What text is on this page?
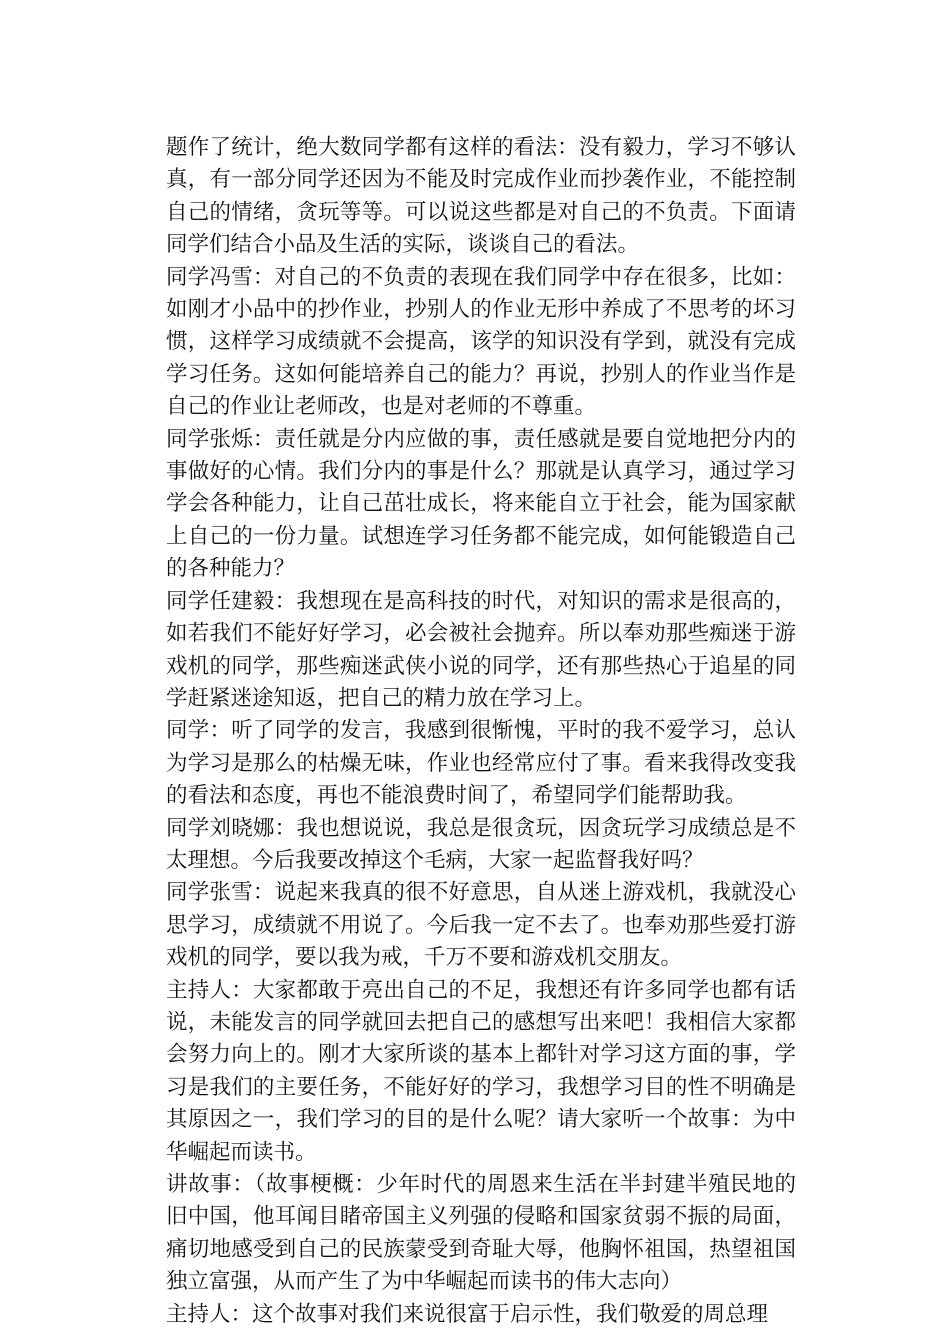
题作了统计，绝大数同学都有这样的看法：没有毅力，学习不够认真，有一部分同学还因为不能及时完成作业而抄袭作业，不能控制自己的情绪，贪玩等等。可以说这些都是对自己的不负责。下面请同学们结合小品及生活的实际，谈谈自己的看法。

同学冯雪：对自己的不负责的表现在我们同学中存在很多，比如：如刚才小品中的抄作业，抄别人的作业无形中养成了不思考的坏习惯，这样学习成绩就不会提高，该学的知识没有学到，就没有完成学习任务。这如何能培养自己的能力？再说，抄别人的作业当作是自己的作业让老师改，也是对老师的不尊重。

同学张烁：责任就是分内应做的事，责任感就是要自觉地把分内的事做好的心情。我们分内的事是什么？那就是认真学习，通过学习学会各种能力，让自己茁壮成长，将来能自立于社会，能为国家献上自己的一份力量。试想连学习任务都不能完成，如何能锻造自己的各种能力？

同学任建毅：我想现在是高科技的时代，对知识的需求是很高的，如若我们不能好好学习，必会被社会抛弃。所以奉劝那些痴迷于游戏机的同学，那些痴迷武侠小说的同学，还有那些热心于追星的同学赶紧迷途知返，把自己的精力放在学习上。

同学：听了同学的发言，我感到很惭愧，平时的我不爱学习，总认为学习是那么的枯燥无味，作业也经常应付了事。看来我得改变我的看法和态度，再也不能浪费时间了，希望同学们能帮助我。

同学刘晓娜：我也想说说，我总是很贪玩，因贪玩学习成绩总是不太理想。今后我要改掉这个毛病，大家一起监督我好吗？

同学张雪：说起来我真的很不好意思，自从迷上游戏机，我就没心思学习，成绩就不用说了。今后我一定不去了。也奉劝那些爱打游戏机的同学，要以我为戒，千万不要和游戏机交朋友。

主持人：大家都敢于亮出自己的不足，我想还有许多同学也都有话说，未能发言的同学就回去把自己的感想写出来吧！我相信大家都会努力向上的。刚才大家所谈的基本上都针对学习这方面的事，学习是我们的主要任务，不能好好的学习，我想学习目的性不明确是其原因之一，我们学习的目的是什么呢？请大家听一个故事：为中华崛起而读书。

讲故事：（故事梗概：少年时代的周恩来生活在半封建半殖民地的旧中国，他耳闻目睹帝国主义列强的侵略和国家贫弱不振的局面，痛切地感受到自己的民族蒙受到奇耻大辱，他胸怀祖国，热望祖国独立富强，从而产生了为中华崛起而读书的伟大志向）

主持人：这个故事对我们来说很富于启示性，我们敬爱的周总理
